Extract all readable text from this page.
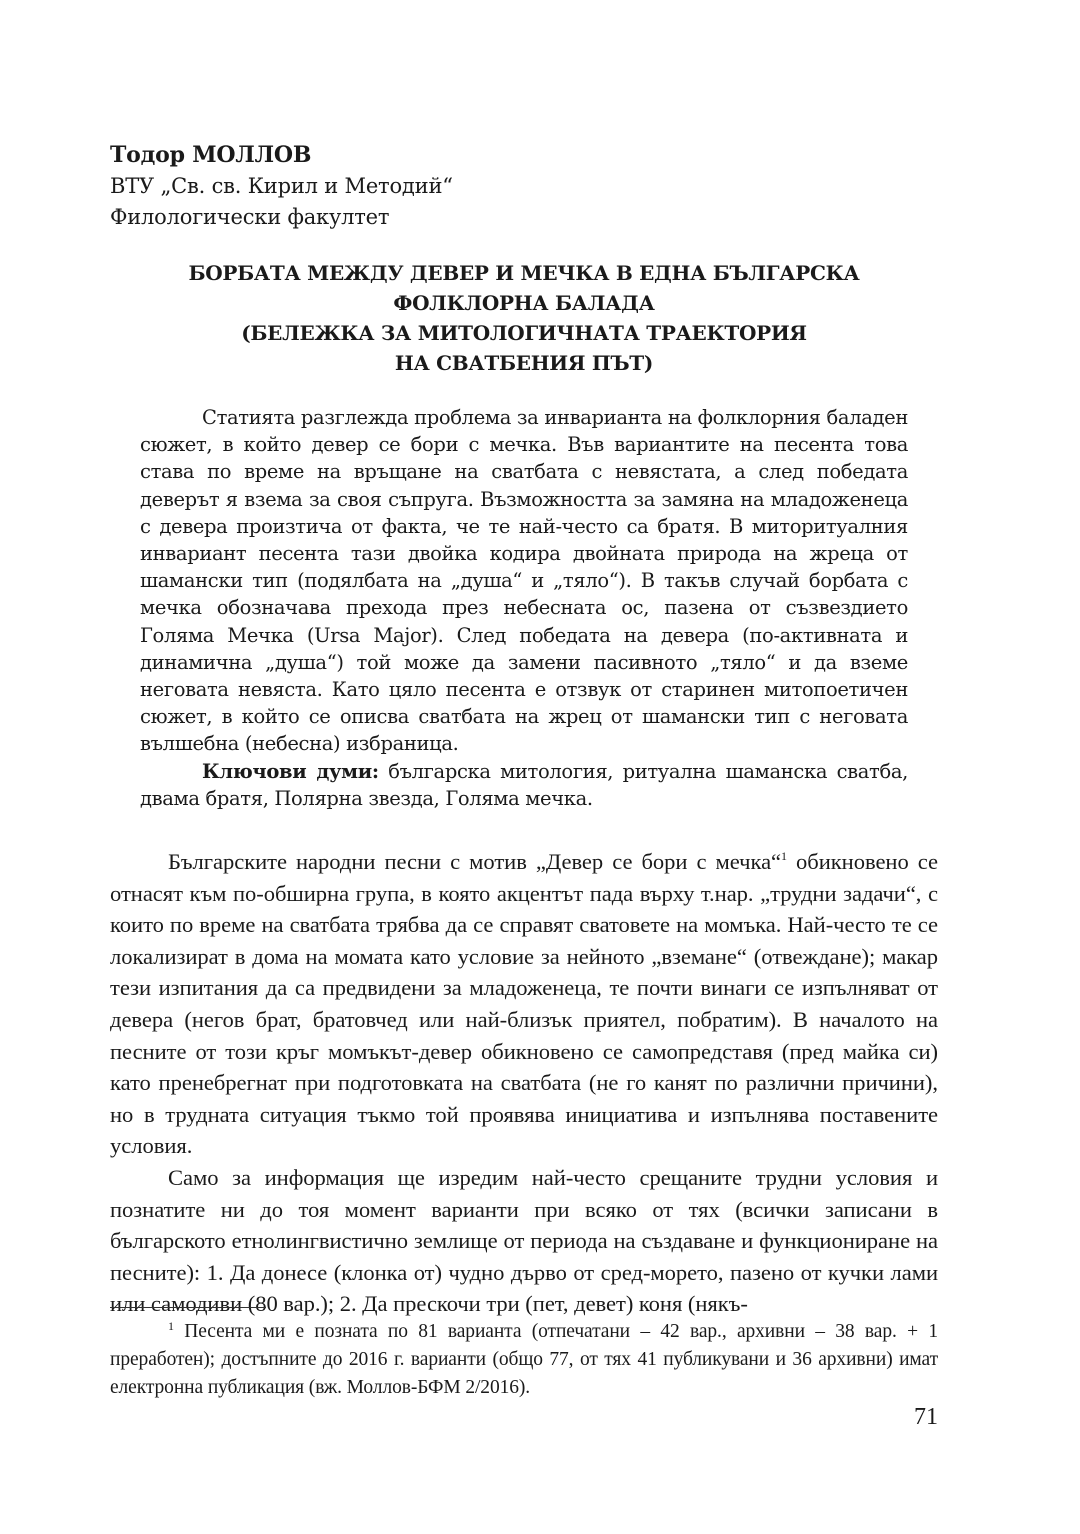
Тодор МОЛЛОВ
ВТУ „Св. св. Кирил и Методий“
Филологически факултет
БОРБАТА МЕЖДУ ДЕВЕР И МЕЧКА В ЕДНА БЪЛГАРСКА
ФОЛКЛОРНА БАЛАДА
(БЕЛЕЖКА ЗА МИТОЛОГИЧНАТА ТРАЕКТОРИЯ
НА СВАТБЕНИЯ ПЪТ)

Статията разглежда проблема за инварианта на фолклорния баладен сюжет, в който девер се бори с мечка. Във вариантите на песента това става по време на връщане на сватбата с невястата, а след победата деверът я взема за своя съпруга. Възможността за замяна на младоженеца с девера произтича от факта, че те най-често са братя. В миторитуалния инвариант песента тази двойка кодира двойната природа на жреца от шамански тип (подялбата на „душа“ и „тяло“). В такъв случай борбата с мечка обозначава прехода през небесната ос, пазена от съзвездието Голяма Мечка (Ursa Major). След победата на девера (по-активната и динамична „душа“) той може да замени пасивното „тяло“ и да вземе неговата невяста. Като цяло песента е отзвук от старинен митопоетичен сюжет, в който се описва сватбата на жрец от шамански тип с неговата вълшебна (небесна) избраница.

Ключови думи: българска митология, ритуална шаманска сватба, двама братя, Полярна звезда, Голяма мечка.

Българските народни песни с мотив „Девер се бори с мечка“$^1$ обикновено се отнасят към по-обширна група, в която акцентът пада върху т.нар. „трудни задачи“, с които по време на сватбата трябва да се справят сватовете на момъка. Най-често те се локализират в дома на момата като условие за нейното „вземане“ (отвеждане); макар тези изпитания да са предвидени за младоженеца, те почти винаги се изпълняват от девера (негов брат, братовчед или най-близък приятел, побратим). В началото на песните от този кръг момъкът-девер обикновено се самопредставя (пред майка си) като пренебрегнат при подготовката на сватбата (не го канят по различни причини), но в трудната ситуация тъкмо той проявява инициатива и изпълнява поставените условия.

Само за информация ще изредим най-често срещаните трудни условия и познатите ни до тоя момент варианти при всяко от тях (всички записани в българското етнолингвистично землище от периода на създаване и функциониране на песните): 1. Да донесе (клонка от) чудно дърво от сред-морето, пазено от кучки лами или самодиви (80 вар.); 2. Да прескочи три (пет, девет) коня (някъ-

$^1$ Песента ми е позната по 81 варианта (отпечатани – 42 вар., архивни – 38 вар. + 1 преработен); достъпните до 2016 г. варианти (общо 77, от тях 41 публикувани и 36 архивни) имат електронна публикация (вж. Моллов-БФМ 2/2016).
71
